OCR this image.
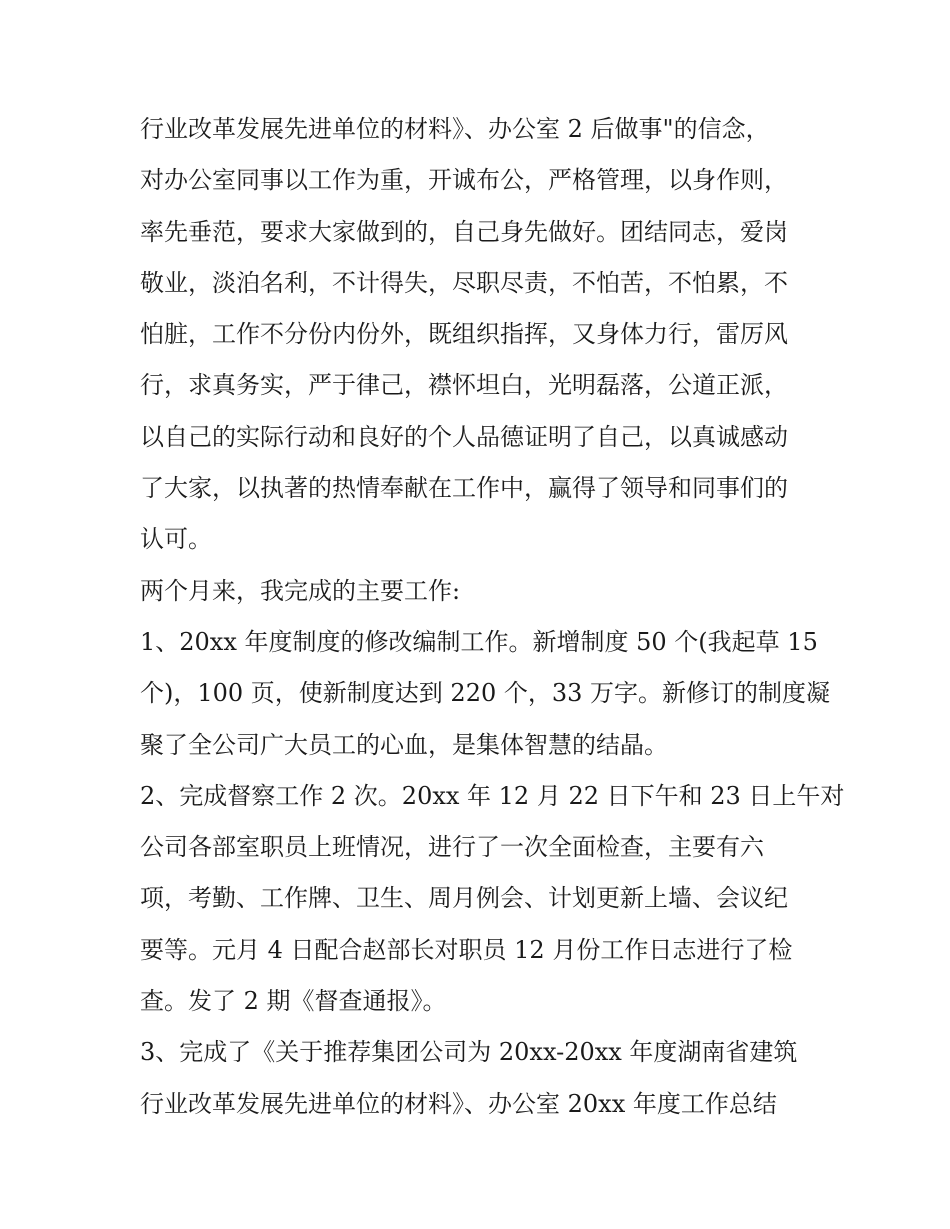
行业改革发展先进单位的材料》、办公室 2 后做事"的信念，
对办公室同事以工作为重，开诚布公，严格管理，以身作则，
率先垂范，要求大家做到的，自己身先做好。团结同志，爱岗
敬业，淡泊名利，不计得失，尽职尽责，不怕苦，不怕累，不
怕脏，工作不分份内份外，既组织指挥，又身体力行，雷厉风
行，求真务实，严于律己，襟怀坦白，光明磊落，公道正派，
以自己的实际行动和良好的个人品德证明了自己，以真诚感动
了大家，以执著的热情奉献在工作中，赢得了领导和同事们的
认可。
两个月来，我完成的主要工作:
1、20xx 年度制度的修改编制工作。新增制度 50 个(我起草 15
个)，100 页，使新制度达到 220 个，33 万字。新修订的制度凝
聚了全公司广大员工的心血，是集体智慧的结晶。
2、完成督察工作 2 次。20xx 年 12 月 22 日下午和 23 日上午对
公司各部室职员上班情况，进行了一次全面检查，主要有六
项，考勤、工作牌、卫生、周月例会、计划更新上墙、会议纪
要等。元月 4 日配合赵部长对职员 12 月份工作日志进行了检
查。发了 2 期《督查通报》。
3、完成了《关于推荐集团公司为 20xx-20xx 年度湖南省建筑
行业改革发展先进单位的材料》、办公室 20xx 年度工作总结
